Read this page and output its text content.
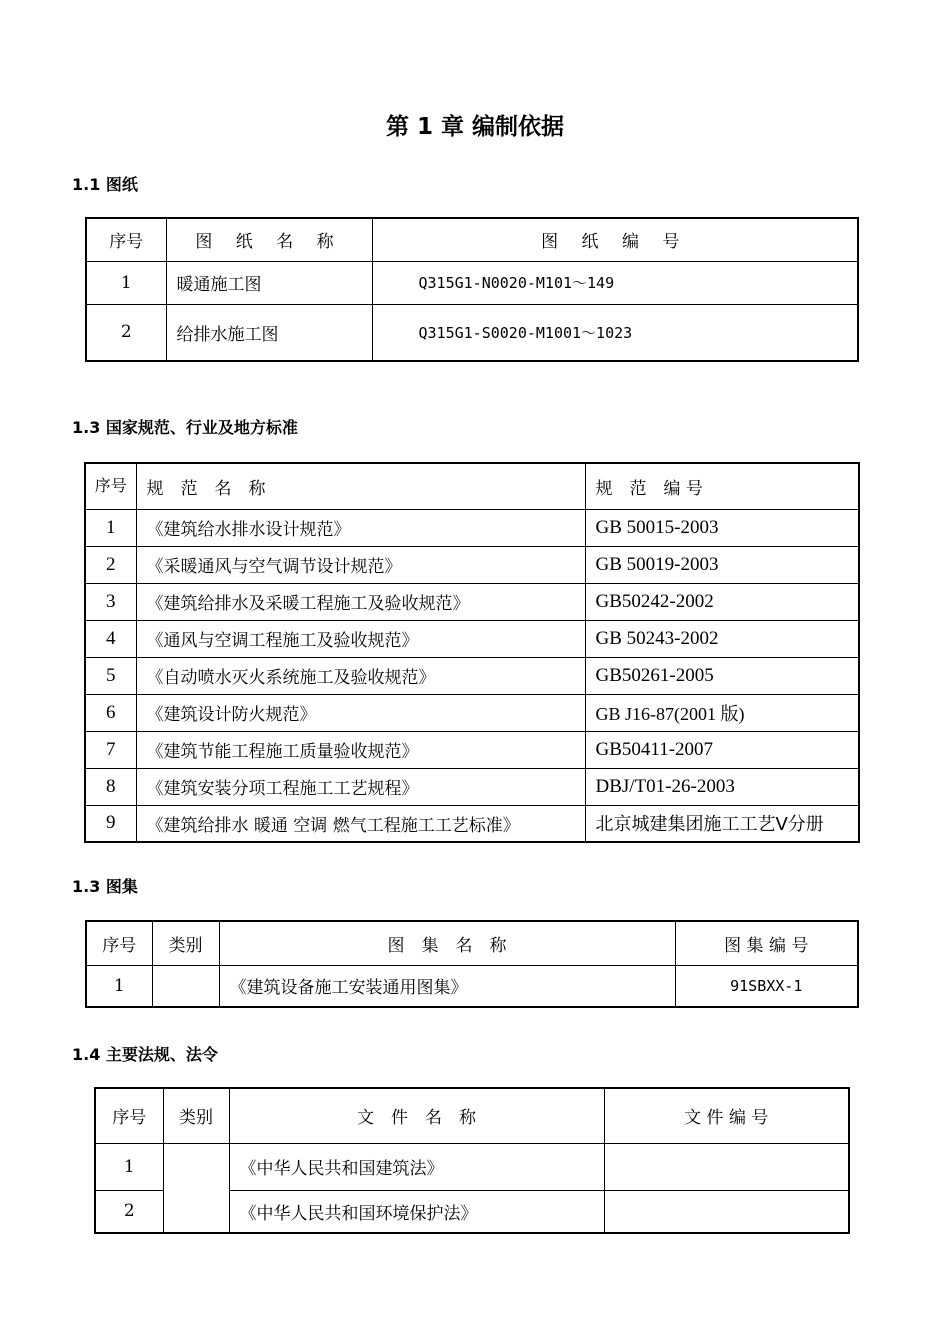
第 1 章 编制依据
1.1 图纸
序号	图 纸 名 称	图 纸 编 号
1	暖通施工图	Q315G1-N0020-M101～149
2	给排水施工图	Q315G1-S0020-M1001～1023
1.3 国家规范、行业及地方标准
序号	规　范　名　称	规　范　编 号
1	《建筑给水排水设计规范》	GB 50015-2003
2	《采暖通风与空气调节设计规范》	GB 50019-2003
3	《建筑给排水及采暖工程施工及验收规范》	GB50242-2002
4	《通风与空调工程施工及验收规范》	GB 50243-2002
5	《自动喷水灭火系统施工及验收规范》	GB50261-2005
6	《建筑设计防火规范》	GB J16-87(2001 版)
7	《建筑节能工程施工质量验收规范》	GB50411-2007
8	《建筑安装分项工程施工工艺规程》	DBJ/T01-26-2003
9	《建筑给排水 暖通 空调 燃气工程施工工艺标准》	北京城建集团施工工艺Ⅴ分册
1.3 图集
序号	类别	图　集　名　称	图 集 编 号
1		《建筑设备施工安装通用图集》	91SBXX-1
1.4 主要法规、法令
序号	类别	文　件　名　称	文 件 编 号
1		《中华人民共和国建筑法》	
2		《中华人民共和国环境保护法》	
